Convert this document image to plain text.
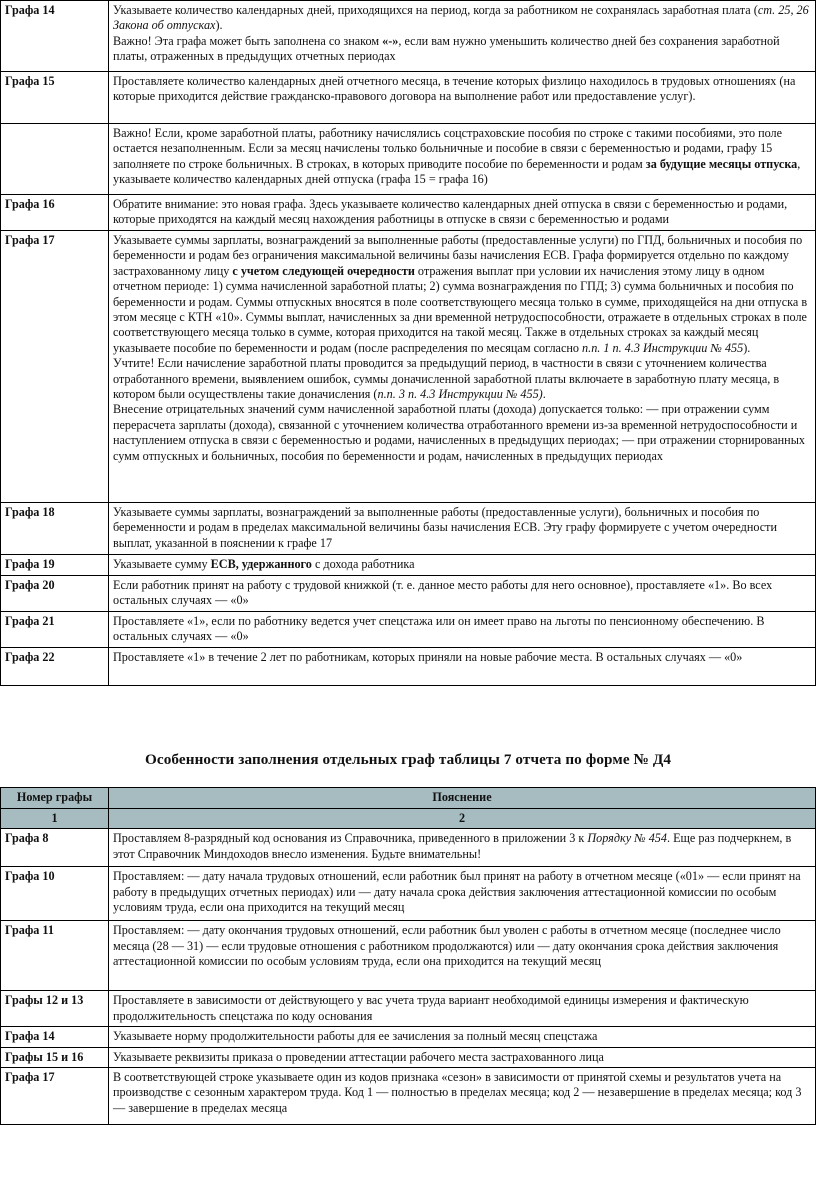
Графа 14	Указываете количество календарных дней, приходящихся на период, когда за работником не сохранялась заработная плата (ст. 25, 26 Закона об отпусках).
Важно! Эта графа может быть заполнена со знаком «-», если вам нужно уменьшить количество дней без сохранения заработной платы, отраженных в предыдущих отчетных периодах
Графа 15	Проставляете количество календарных дней отчетного месяца, в течение которых физлицо находилось в трудовых отношениях (на которые приходится действие гражданско-правового договора на выполнение работ или предоставление услуг).
	Важно! Если, кроме заработной платы, работнику начислялись соцстраховские пособия по строке с такими пособиями, это поле остается незаполненным. Если за месяц начислены только больничные и пособие в связи с беременностью и родами, графу 15 заполняете по строке больничных. В строках, в которых приводите пособие по беременности и родам за будущие месяцы отпуска, указываете количество календарных дней отпуска (графа 15 = графа 16)
Графа 16	Обратите внимание: это новая графа. Здесь указываете количество календарных дней отпуска в связи с беременностью и родами, которые приходятся на каждый месяц нахождения работницы в отпуске в связи с беременностью и родами
Графа 17	Указываете суммы зарплаты, вознаграждений за выполненные работы (предоставленные услуги) по ГПД, больничных и пособия по беременности и родам без ограничения максимальной величины базы начисления ЕСВ. Графа формируется отдельно по каждому застрахованному лицу с учетом следующей очередности отражения выплат при условии их начисления этому лицу в одном отчетном периоде: 1) сумма начисленной заработной платы; 2) сумма вознаграждения по ГПД; 3) сумма больничных и пособия по беременности и родам. Суммы отпускных вносятся в поле соответствующего месяца только в сумме, приходящейся на дни отпуска в этом месяце с КТН «10». Суммы выплат, начисленных за дни временной нетрудоспособности, отражаете в отдельных строках в поле соответствующего месяца только в сумме, которая приходится на такой месяц. Также в отдельных строках за каждый месяц указываете пособие по беременности и родам (после распределения по месяцам согласно п.п. 1 п. 4.3 Инструкции № 455).
Учтите! Если начисление заработной платы проводится за предыдущий период, в частности в связи с уточнением количества отработанного времени, выявлением ошибок, суммы доначисленной заработной платы включаете в заработную плату месяца, в котором были осуществлены такие доначисления (п.п. 3 п. 4.3 Инструкции № 455).
Внесение отрицательных значений сумм начисленной заработной платы (дохода) допускается только: — при отражении сумм перерасчета зарплаты (дохода), связанной с уточнением количества отработанного времени из-за временной нетрудоспособности и наступлением отпуска в связи с беременностью и родами, начисленных в предыдущих периодах; — при отражении сторнированных сумм отпускных и больничных, пособия по беременности и родам, начисленных в предыдущих периодах
Графа 18	Указываете суммы зарплаты, вознаграждений за выполненные работы (предоставленные услуги), больничных и пособия по беременности и родам в пределах максимальной величины базы начисления ЕСВ. Эту графу формируете с учетом очередности выплат, указанной в пояснении к графе 17
Графа 19	Указываете сумму ЕСВ, удержанного с дохода работника
Графа 20	Если работник принят на работу с трудовой книжкой (т. е. данное место работы для него основное), проставляете «1». Во всех остальных случаях — «0»
Графа 21	Проставляете «1», если по работнику ведется учет спецстажа или он имеет право на льготы по пенсионному обеспечению. В остальных случаях — «0»
Графа 22	Проставляете «1» в течение 2 лет по работникам, которых приняли на новые рабочие места. В остальных случаях — «0»
Особенности заполнения отдельных граф таблицы 7 отчета по форме № Д4
Номер графы	Пояснение
1	2
Графа 8	Проставляем 8-разрядный код основания из Справочника, приведенного в приложении 3 к Порядку № 454. Еще раз подчеркнем, в этот Справочник Миндоходов внесло изменения. Будьте внимательны!
Графа 10	Проставляем: — дату начала трудовых отношений, если работник был принят на работу в отчетном месяце («01» — если принят на работу в предыдущих отчетных периодах) или — дату начала срока действия заключения аттестационной комиссии по особым условиям труда, если она приходится на текущий месяц
Графа 11	Проставляем: — дату окончания трудовых отношений, если работник был уволен с работы в отчетном месяце (последнее число месяца (28 — 31) — если трудовые отношения с работником продолжаются) или — дату окончания срока действия заключения аттестационной комиссии по особым условиям труда, если она приходится на текущий месяц
Графы 12 и 13	Проставляете в зависимости от действующего у вас учета труда вариант необходимой единицы измерения и фактическую продолжительность спецстажа по коду основания
Графа 14	Указываете норму продолжительности работы для ее зачисления за полный месяц спецстажа
Графы 15 и 16	Указываете реквизиты приказа о проведении аттестации рабочего места застрахованного лица
Графа 17	В соответствующей строке указываете один из кодов признака «сезон» в зависимости от принятой схемы и результатов учета на производстве с сезонным характером труда. Код 1 — полностью в пределах месяца; код 2 — незавершение в пределах месяца; код 3 — завершение в пределах месяца
